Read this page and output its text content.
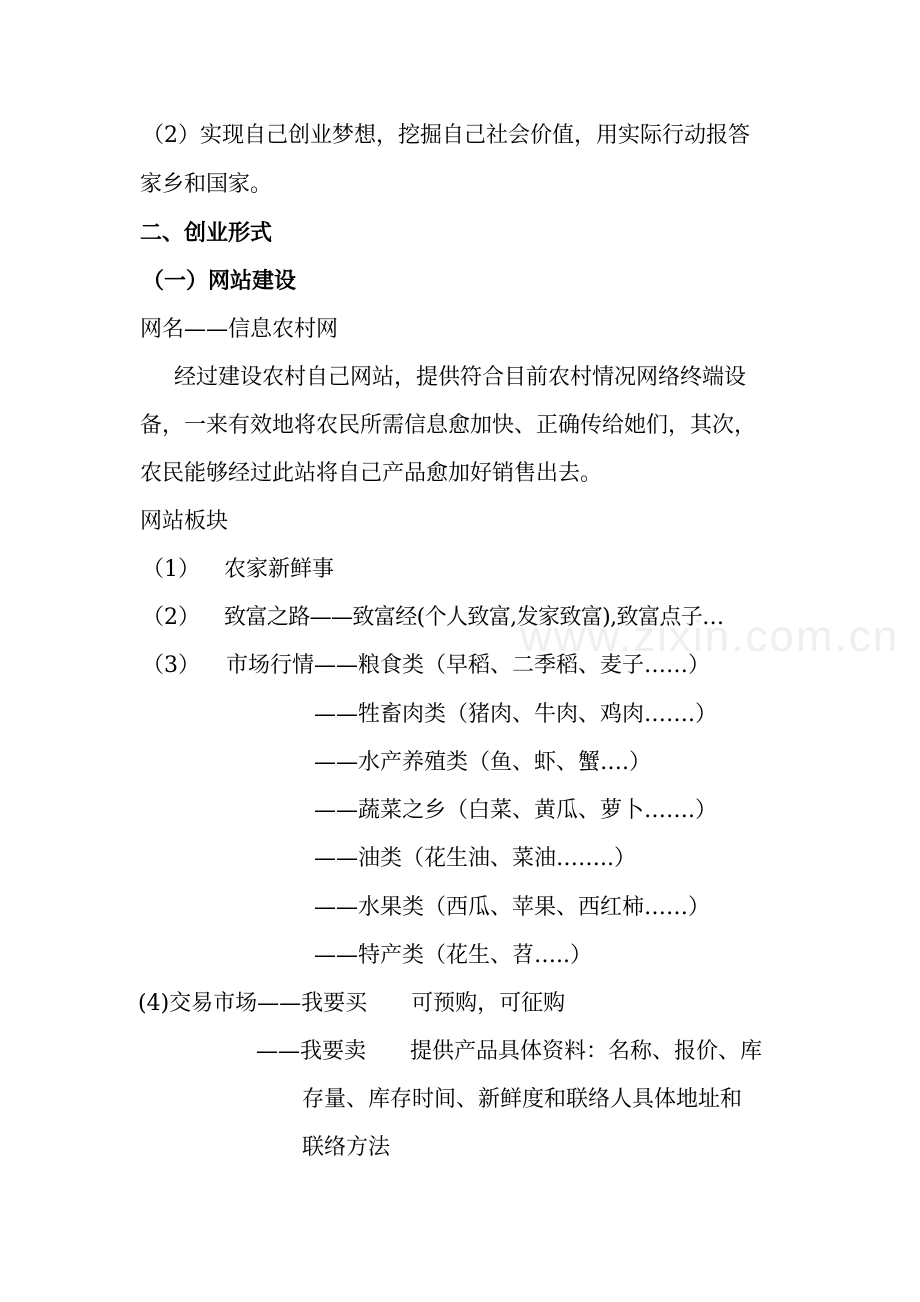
www.zixin.com.cn

（2）实现自己创业梦想，挖掘自己社会价值，用实际行动报答

家乡和国家。

二、创业形式

（一）网站建设

网名——信息农村网

经过建设农村自己网站，提供符合目前农村情况网络终端设

备，一来有效地将农民所需信息愈加快、正确传给她们，其次，

农民能够经过此站将自己产品愈加好销售出去。

网站板块

（1） 农家新鲜事

（2） 致富之路——致富经(个人致富,发家致富),致富点子…

（3） 市场行情——粮食类（早稻、二季稻、麦子……）

——牲畜肉类（猪肉、牛肉、鸡肉…….）

——水产养殖类（鱼、虾、蟹….）

——蔬菜之乡（白菜、黄瓜、萝卜…….）

——油类（花生油、菜油……..）

——水果类（西瓜、苹果、西红柿……）

——特产类（花生、苕…..）

(4)交易市场——我要买　　可预购，可征购

——我要卖　　提供产品具体资料：名称、报价、库

存量、库存时间、新鲜度和联络人具体地址和

联络方法
